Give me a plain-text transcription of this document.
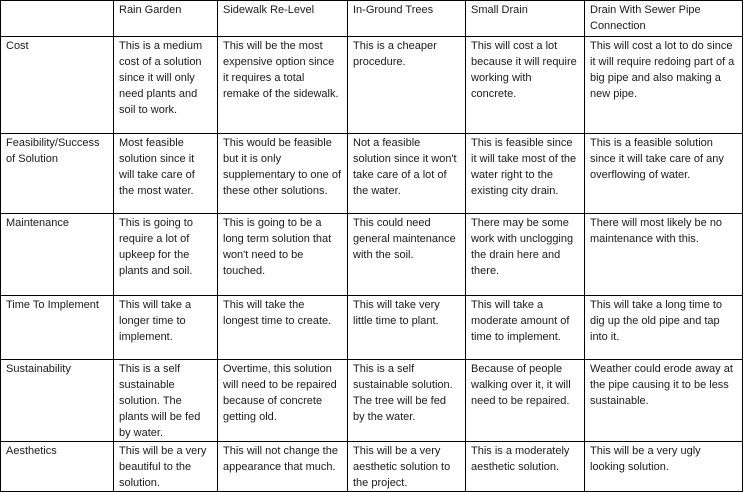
	Rain Garden	Sidewalk Re-Level	In-Ground Trees	Small Drain	Drain With Sewer Pipe Connection
Cost	This is a medium cost of a solution since it will only need plants and soil to work.	This will be the most expensive option since it requires a total remake of the sidewalk.	This is a cheaper procedure.	This will cost a lot because it will require working with concrete.	This will cost a lot to do since it will require redoing part of a big pipe and also making a new pipe.
Feasibility/Success of Solution	Most feasible solution since it will take care of the most water.	This would be feasible but it is only supplementary to one of these other solutions.	Not a feasible solution since it won't take care of a lot of the water.	This is feasible since it will take most of the water right to the existing city drain.	This is a feasible solution since it will take care of any overflowing of water.
Maintenance	This is going to require a lot of upkeep for the plants and soil.	This is going to be a long term solution that won't need to be touched.	This could need general maintenance with the soil.	There may be some work with unclogging the drain here and there.	There will most likely be no maintenance with this.
Time To Implement	This will take a longer time to implement.	This will take the longest time to create.	This will take very little time to plant.	This will take a moderate amount of time to implement.	This will take a long time to dig up the old pipe and tap into it.
Sustainability	This is a self sustainable solution. The plants will be fed by water.	Overtime, this solution will need to be repaired because of concrete getting old.	This is a self sustainable solution. The tree will be fed by the water.	Because of people walking over it, it will need to be repaired.	Weather could erode away at the pipe causing it to be less sustainable.
Aesthetics	This will be a very beautiful to the solution.	This will not change the appearance that much.	This will be a very aesthetic solution to the project.	This is a moderately aesthetic solution.	This will be a very ugly looking solution.
